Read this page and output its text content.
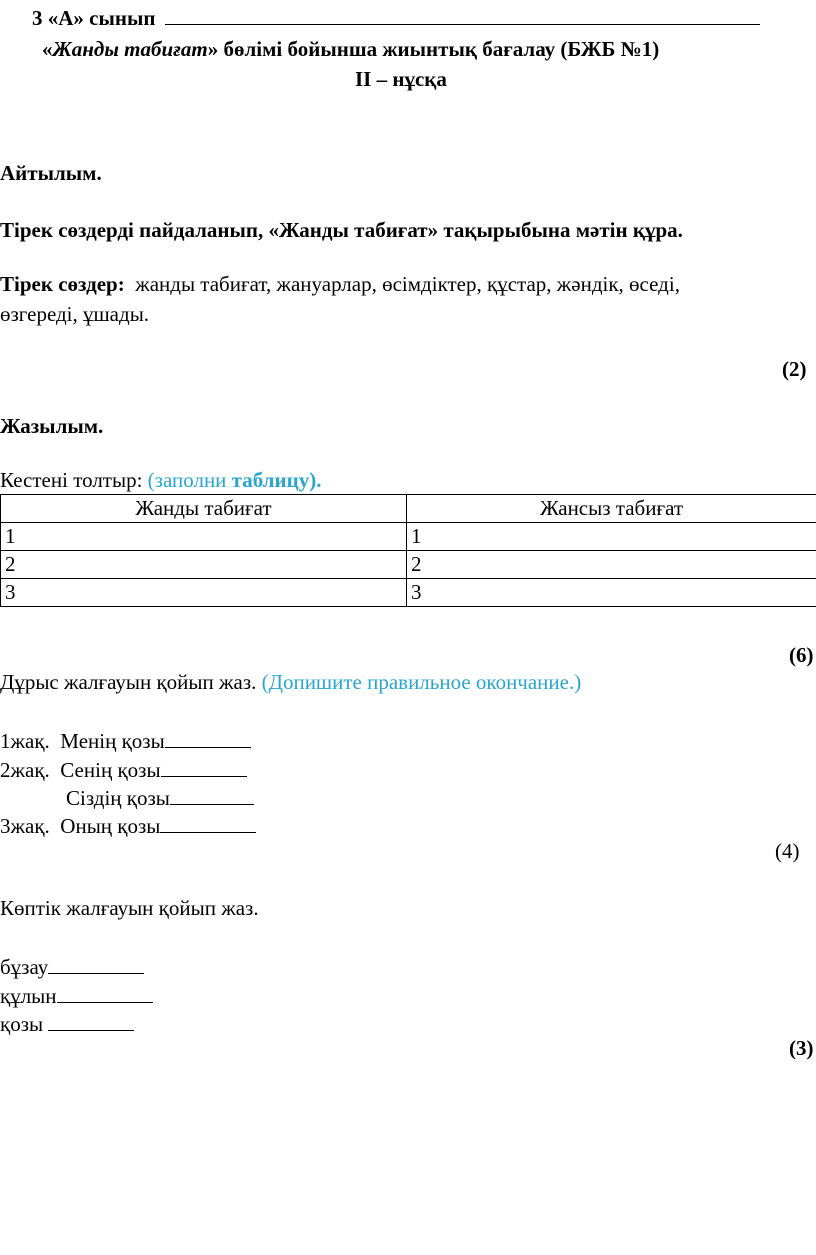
3 «А» сынып
«Жанды табиғат» бөлімі бойынша жиынтық бағалау (БЖБ №1)
ІІ – нұсқа
Айтылым.
Тірек сөздерді пайдаланып, «Жанды табиғат» тақырыбына мәтін құра.
Тірек сөздер: жанды табиғат, жануарлар, өсімдіктер, құстар, жәндік, өседі,
өзгереді, ұшады.
(2)
Жазылым.
Кестені толтыр: (заполни таблицу).
Жанды табиғат	Жансыз табиғат
1	1
2	2
3	3
(6)
Дұрыс жалғауын қойып жаз. (Допишите правильное окончание.)
1жақ. Менің қозы
2жақ. Сенің қозы
Сіздің қозы
3жақ. Оның қозы
(4)
Көптік жалғауын қойып жаз.
бұзау
құлын
қозы
(3)
